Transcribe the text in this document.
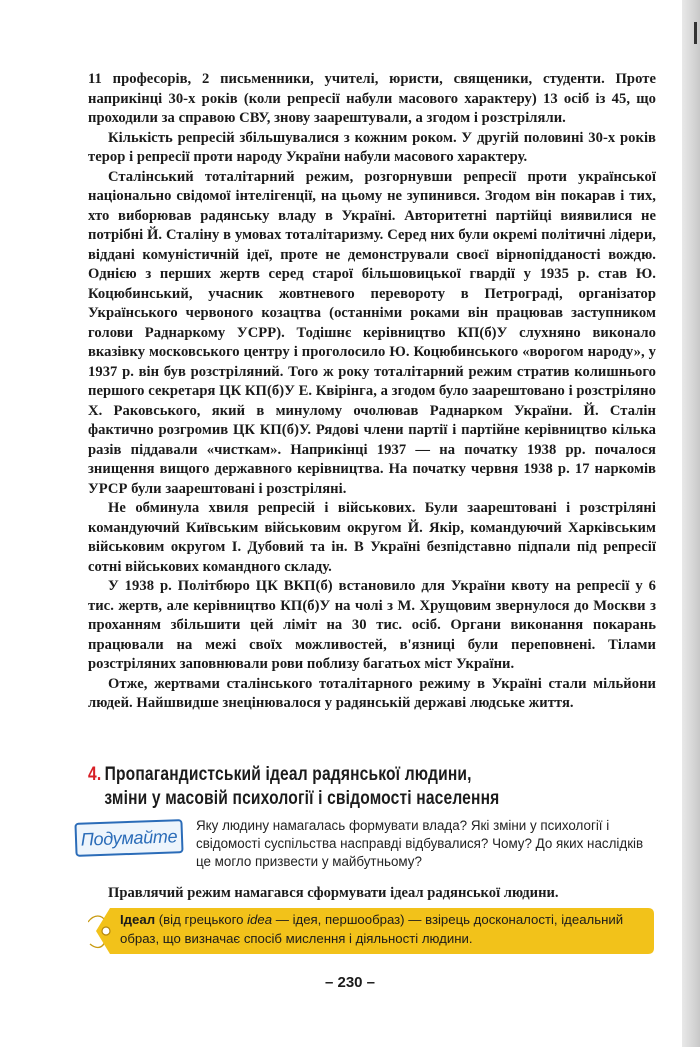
11 професорів, 2 письменники, учителі, юристи, священики, студенти. Проте наприкінці 30-х років (коли репресії набули масового характеру) 13 осіб із 45, що проходили за справою СВУ, знову заарештували, а згодом і розстріляли.

Кількість репресій збільшувалися з кожним роком. У другій половині 30-х років терор і репресії проти народу України набули масового характеру.

Сталінський тоталітарний режим, розгорнувши репресії проти української національно свідомої інтелігенції, на цьому не зупинився. Згодом він покарав і тих, хто виборював радянську владу в Україні. Авторитетні партійці виявилися не потрібні Й. Сталіну в умовах тоталітаризму. Серед них були окремі політичні лідери, віддані комуністичній ідеї, проте не демонстрували своєї вірнопідданості вождю. Однією з перших жертв серед старої більшовицької гвардії у 1935 р. став Ю. Коцюбинський, учасник жовтневого перевороту в Петрограді, організатор Українського червоного козацтва (останніми роками він працював заступником голови Раднаркому УСРР). Тодішнє керівництво КП(б)У слухняно виконало вказівку московського центру і проголосило Ю. Коцюбинського «ворогом народу», у 1937 р. він був розстріляний. Того ж року тоталітарний режим стратив колишнього першого секретаря ЦК КП(б)У Е. Квірінга, а згодом було заарештовано і розстріляно Х. Раковського, який в минулому очолював Раднарком України. Й. Сталін фактично розгромив ЦК КП(б)У. Рядові члени партії і партійне керівництво кілька разів піддавали «чисткам». Наприкінці 1937 — на початку 1938 рр. почалося знищення вищого державного керівництва. На початку червня 1938 р. 17 наркомів УРСР були заарештовані і розстріляні.

Не обминула хвиля репресій і військових. Були заарештовані і розстріляні командуючий Київським військовим округом Й. Якір, командуючий Харківським військовим округом І. Дубовий та ін. В Україні безпідставно підпали під репресії сотні військових командного складу.

У 1938 р. Політбюро ЦК ВКП(б) встановило для України квоту на репресії у 6 тис. жертв, але керівництво КП(б)У на чолі з М. Хрущовим звернулося до Москви з проханням збільшити цей ліміт на 30 тис. осіб. Органи виконання покарань працювали на межі своїх можливостей, в'язниці були переповнені. Тілами розстріляних заповнювали рови поблизу багатьох міст України.

Отже, жертвами сталінського тоталітарного режиму в Україні стали мільйони людей. Найшвидше знецінювалося у радянській державі людське життя.

4. Пропагандистський ідеал радянської людини,
зміни у масовій психології і свідомості населення
Подумайте
Яку людину намагалась формувати влада? Які зміни у психології і свідомості суспільства насправді відбувалися? Чому? До яких наслідків це могло призвести у майбутньому?
Правлячий режим намагався сформувати ідеал радянської людини.
Ідеал (від грецького idea — ідея, першообраз) — взірець досконалості, ідеальний образ, що визначає спосіб мислення і діяльності людини.
– 230 –
